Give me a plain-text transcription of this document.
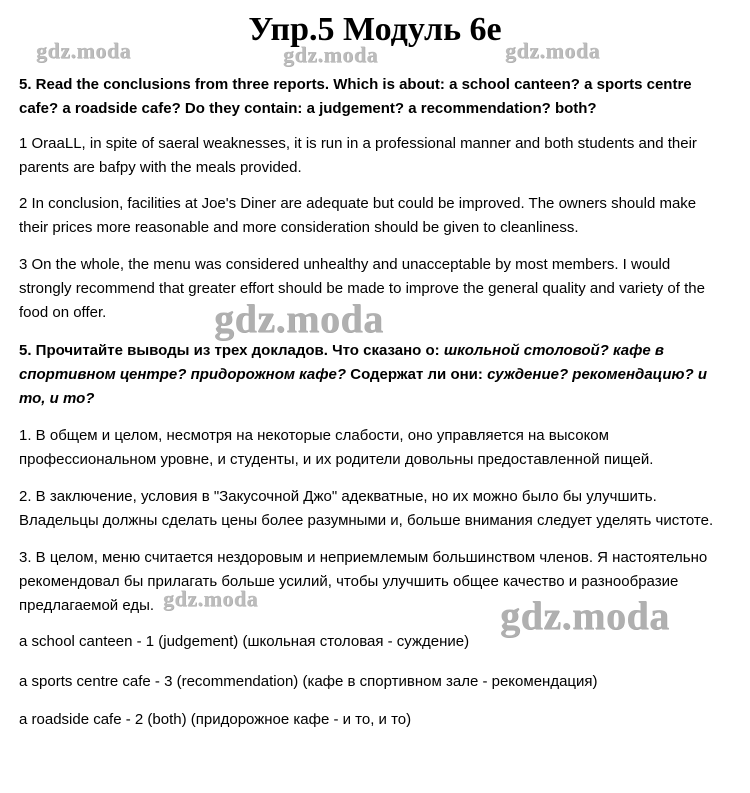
Упр.5 Модуль 6е

5. Read the conclusions from three reports. Which is about: a school canteen? a sports centre cafe? a roadside cafe? Do they contain: a judgement? a recommendation? both?

1 OraaLL, in spite of saeral weaknesses, it is run in a professional manner and both students and their parents are bafpy with the meals provided.

2 In conclusion, facilities at Joe's Diner are adequate but could be improved. The owners should make their prices more reasonable and more consideration should be given to cleanliness.

3 On the whole, the menu was considered unhealthy and unacceptable by most members. I would strongly recommend that greater effort should be made to improve the general quality and variety of the food on offer.

5. Прочитайте выводы из трех докладов. Что сказано о: школьной столовой? кафе в спортивном центре? придорожном кафе? Содержат ли они: суждение? рекомендацию? и то, и то?

1. В общем и целом, несмотря на некоторые слабости, оно управляется на высоком профессиональном уровне, и студенты, и их родители довольны предоставленной пищей.

2. В заключение, условия в "Закусочной Джо" адекватные, но их можно было бы улучшить. Владельцы должны сделать цены более разумными и, больше внимания следует уделять чистоте.

3. В целом, меню считается нездоровым и неприемлемым большинством членов. Я настоятельно рекомендовал бы прилагать больше усилий, чтобы улучшить общее качество и разнообразие предлагаемой еды.

a school canteen - 1 (judgement) (школьная столовая - суждение)

a sports centre cafe - 3 (recommendation) (кафе в спортивном зале - рекомендация)

a roadside cafe - 2 (both) (придорожное кафе - и то, и то)

gdz.moda	gdz.moda	gdz.moda
gdz.moda
gdz.moda	gdz.moda
